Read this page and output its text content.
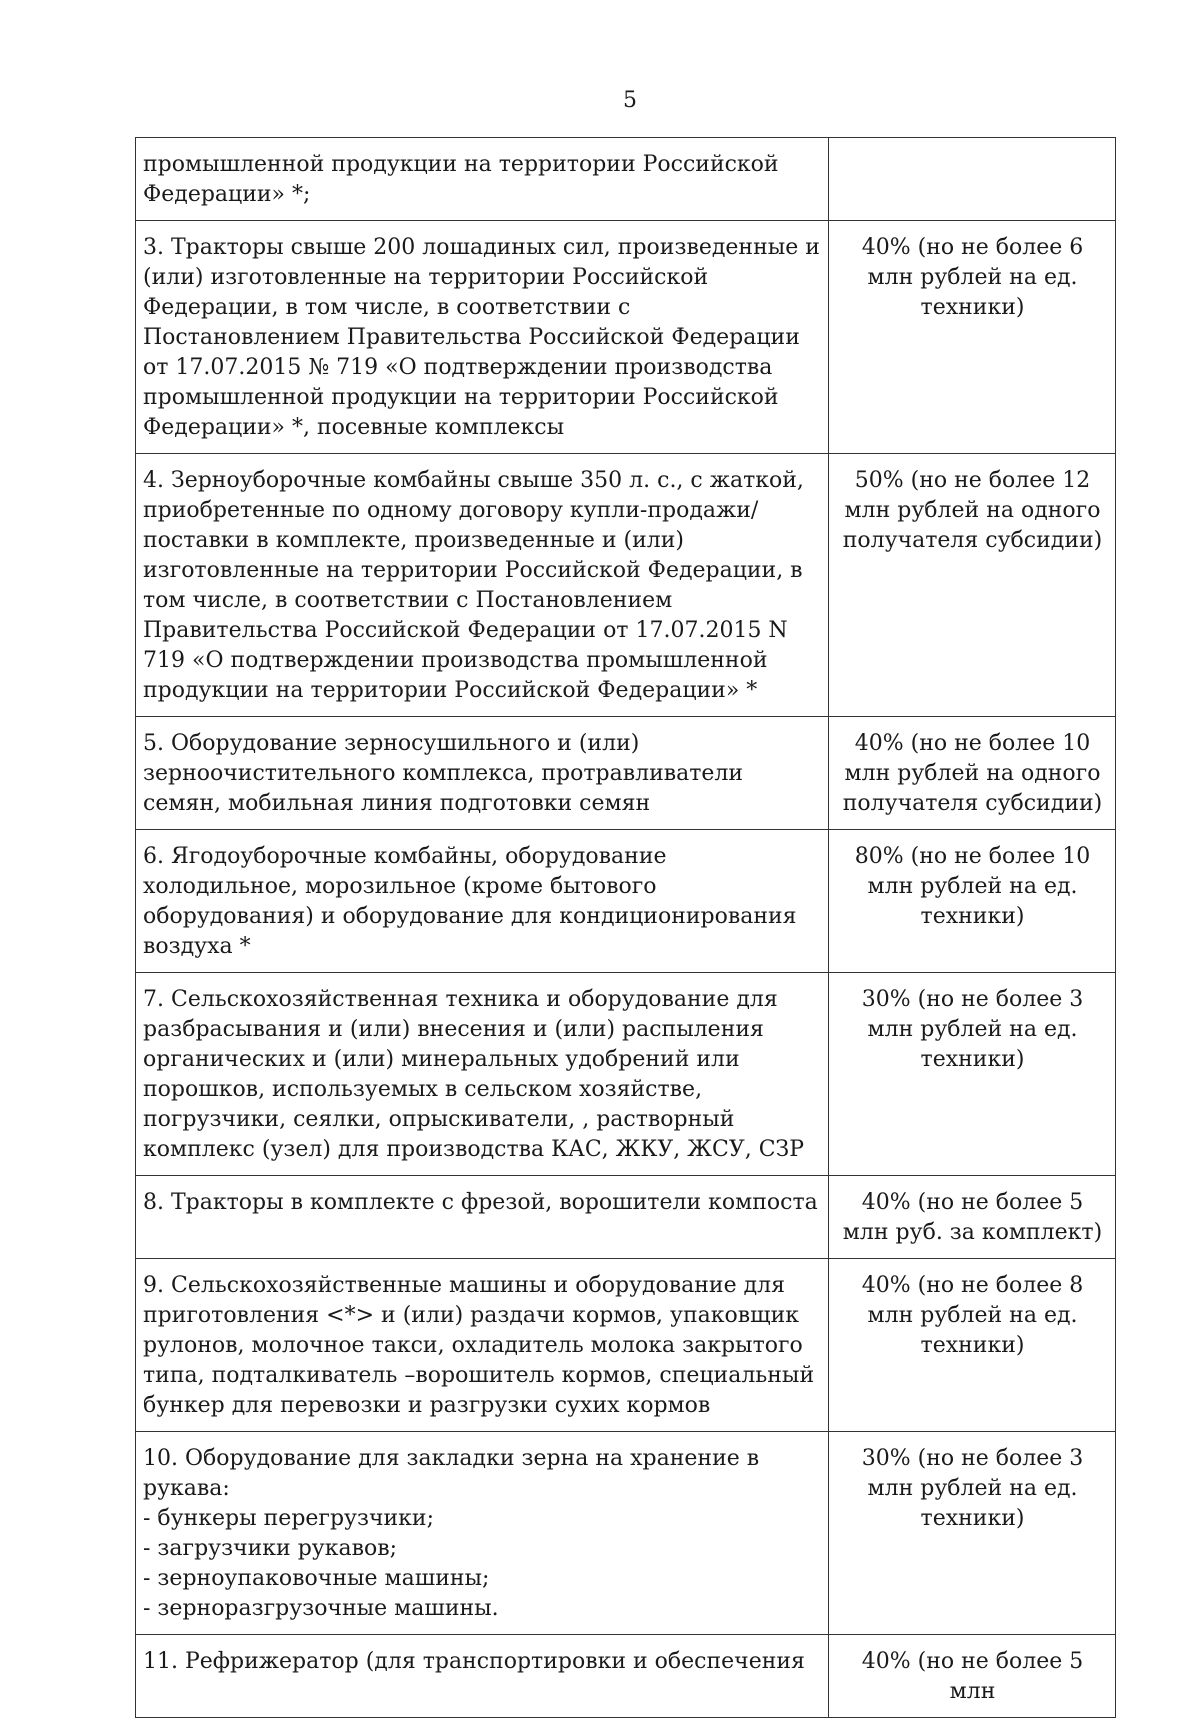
5
промышленной продукции на территории Российской Федерации» *;	
3. Тракторы свыше 200 лошадиных сил, произведенные и (или) изготовленные на территории Российской Федерации, в том числе, в соответствии с Постановлением Правительства Российской Федерации от 17.07.2015 № 719 «О подтверждении производства промышленной продукции на территории Российской Федерации» *, посевные комплексы	40% (но не более 6 млн рублей на ед. техники)
4. Зерноуборочные комбайны свыше 350 л. с., с жаткой, приобретенные по одному договору купли-продажи/поставки в комплекте, произведенные и (или) изготовленные на территории Российской Федерации, в том числе, в соответствии с Постановлением Правительства Российской Федерации от 17.07.2015 N 719 «О подтверждении производства промышленной продукции на территории Российской Федерации» *	50% (но не более 12 млн рублей на одного получателя субсидии)
5. Оборудование зерносушильного и (или) зерноочистительного комплекса, протравливатели семян, мобильная линия подготовки семян	40% (но не более 10 млн рублей на одного получателя субсидии)
6. Ягодоуборочные комбайны, оборудование холодильное, морозильное (кроме бытового оборудования) и оборудование для кондиционирования воздуха *	80% (но не более 10 млн рублей на ед. техники)
7. Сельскохозяйственная техника и оборудование для разбрасывания и (или) внесения и (или) распыления органических и (или) минеральных удобрений или порошков, используемых в сельском хозяйстве, погрузчики, сеялки, опрыскиватели, , растворный комплекс (узел) для производства КАС, ЖКУ, ЖСУ, СЗР	30% (но не более 3 млн рублей на ед. техники)
8. Тракторы в комплекте с фрезой, ворошители компоста	40% (но не более 5 млн руб. за комплект)
9. Сельскохозяйственные машины и оборудование для приготовления <*> и (или) раздачи кормов, упаковщик рулонов, молочное такси, охладитель молока закрытого типа, подталкиватель –ворошитель кормов, специальный бункер для перевозки и разгрузки сухих кормов	40% (но не более 8 млн рублей на ед. техники)
10. Оборудование для закладки зерна на хранение в рукава:
- бункеры перегрузчики;
- загрузчики рукавов;
- зерноупаковочные машины;
- зерноразгрузочные машины.	30% (но не более 3 млн рублей на ед. техники)
11. Рефрижератор (для транспортировки и обеспечения	40% (но не более 5 млн
